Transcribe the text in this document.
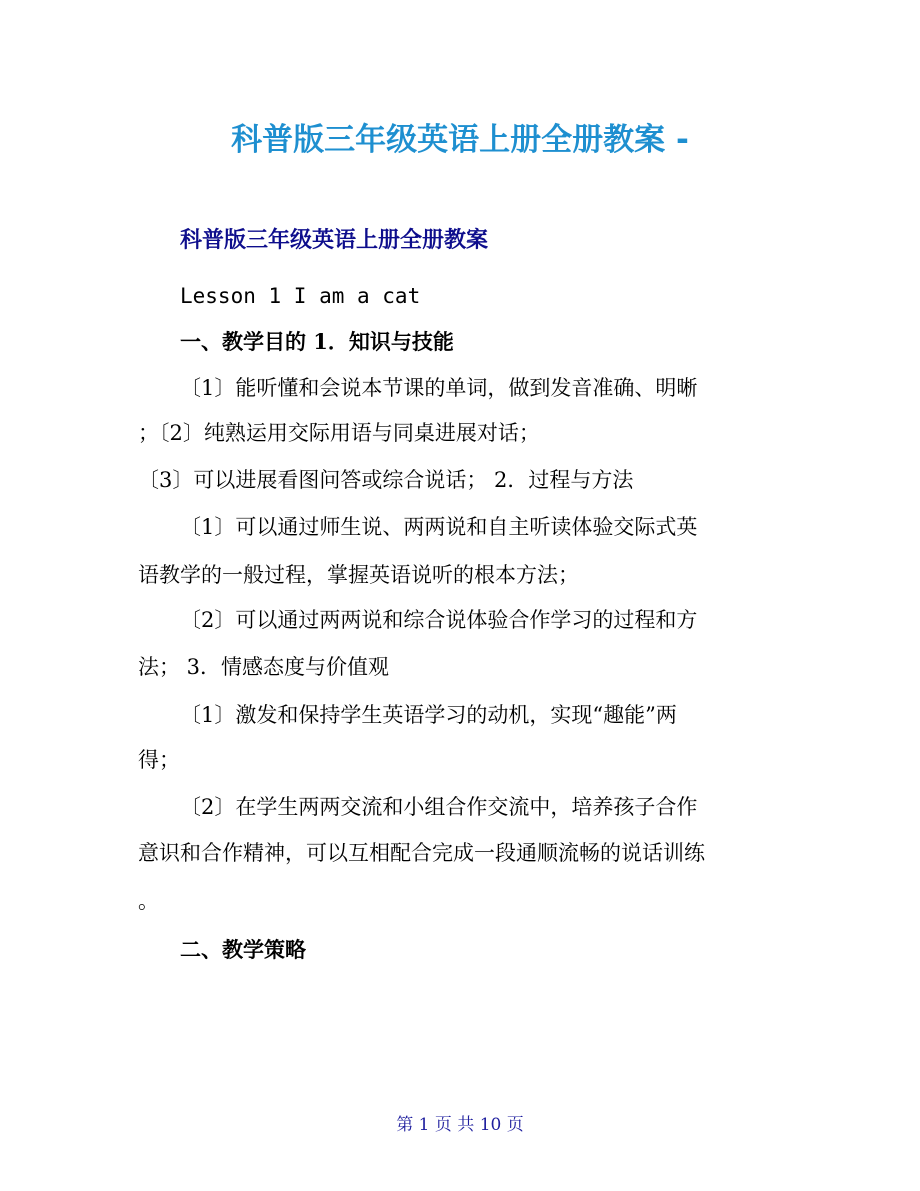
科普版三年级英语上册全册教案 -
科普版三年级英语上册全册教案
Lesson 1 I am a cat
一、教学目的 1．知识与技能
〔1〕能听懂和会说本节课的单词，做到发音准确、明晰
；〔2〕纯熟运用交际用语与同桌进展对话；
〔3〕可以进展看图问答或综合说话； 2．过程与方法
〔1〕可以通过师生说、两两说和自主听读体验交际式英
语教学的一般过程，掌握英语说听的根本方法；
〔2〕可以通过两两说和综合说体验合作学习的过程和方
法； 3．情感态度与价值观
〔1〕激发和保持学生英语学习的动机，实现“趣能”两
得；
〔2〕在学生两两交流和小组合作交流中，培养孩子合作
意识和合作精神，可以互相配合完成一段通顺流畅的说话训练
。
二、教学策略
第 1 页 共 10 页
